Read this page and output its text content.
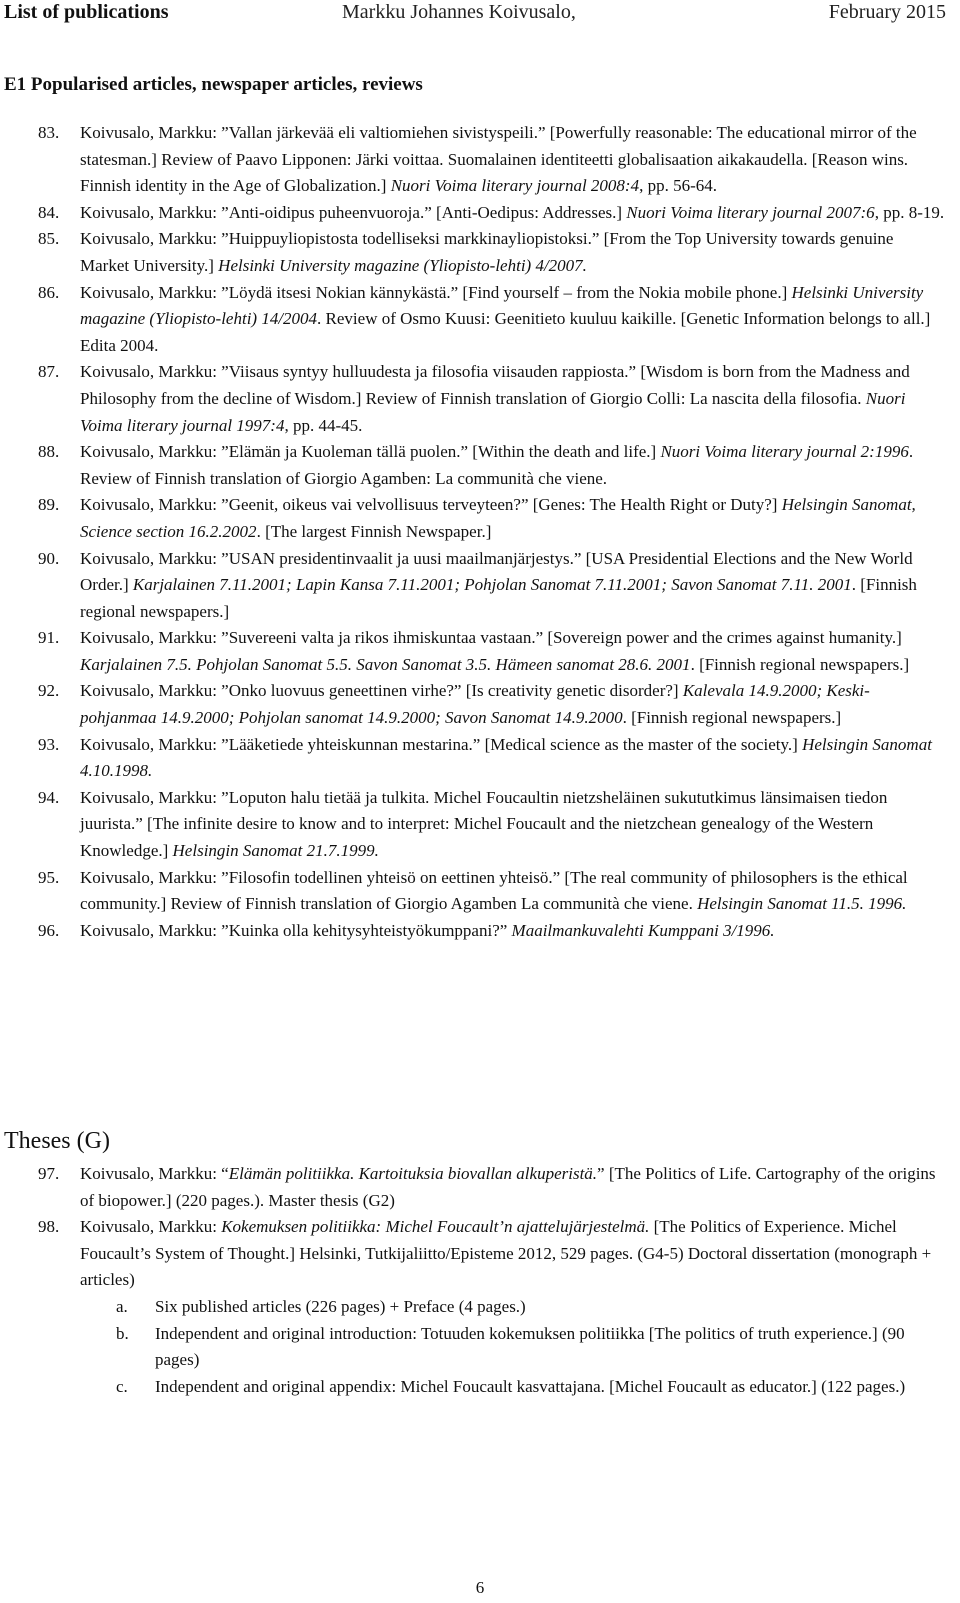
List of publications	Markku Johannes Koivusalo,	February 2015
E1 Popularised articles, newspaper articles, reviews
83. Koivusalo, Markku: ”Vallan järkevää eli valtiomiehen sivistyspeili.” [Powerfully reasonable: The educational mirror of the statesman.] Review of Paavo Lipponen: Järki voittaa. Suomalainen identiteetti globalisaation aikakaudella. [Reason wins. Finnish identity in the Age of Globalization.] Nuori Voima literary journal 2008:4, pp. 56-64.
84. Koivusalo, Markku: ”Anti-oidipus puheenvuoroja.” [Anti-Oedipus: Addresses.] Nuori Voima literary journal 2007:6, pp. 8-19.
85. Koivusalo, Markku: ”Huippuyliopistosta todelliseksi markkinayliopistoksi.” [From the Top University towards genuine Market University.] Helsinki University magazine (Yliopisto-lehti) 4/2007.
86. Koivusalo, Markku: ”Löydä itsesi Nokian kännykästä.” [Find yourself – from the Nokia mobile phone.] Helsinki University magazine (Yliopisto-lehti) 14/2004. Review of Osmo Kuusi: Geenitieto kuuluu kaikille. [Genetic Information belongs to all.] Edita 2004.
87. Koivusalo, Markku: ”Viisaus syntyy hulluudesta ja filosofia viisauden rappiosta.” [Wisdom is born from the Madness and Philosophy from the decline of Wisdom.] Review of Finnish translation of Giorgio Colli: La nascita della filosofia. Nuori Voima literary journal 1997:4, pp. 44-45.
88. Koivusalo, Markku: ”Elämän ja Kuoleman tällä puolen.” [Within the death and life.] Nuori Voima literary journal 2:1996. Review of Finnish translation of Giorgio Agamben: La communità che viene.
89. Koivusalo, Markku: ”Geenit, oikeus vai velvollisuus terveyteen?” [Genes: The Health Right or Duty?] Helsingin Sanomat, Science section 16.2.2002. [The largest Finnish Newspaper.]
90. Koivusalo, Markku: ”USAN presidentinvaalit ja uusi maailmanjärjestys.” [USA Presidential Elections and the New World Order.] Karjalainen 7.11.2001; Lapin Kansa 7.11.2001; Pohjolan Sanomat 7.11.2001; Savon Sanomat 7.11. 2001. [Finnish regional newspapers.]
91. Koivusalo, Markku: ”Suvereeni valta ja rikos ihmiskuntaa vastaan.” [Sovereign power and the crimes against humanity.] Karjalainen 7.5. Pohjolan Sanomat 5.5. Savon Sanomat 3.5. Hämeen sanomat 28.6. 2001. [Finnish regional newspapers.]
92. Koivusalo, Markku: ”Onko luovuus geneettinen virhe?” [Is creativity genetic disorder?] Kalevala 14.9.2000; Keski-pohjanmaa 14.9.2000; Pohjolan sanomat 14.9.2000; Savon Sanomat 14.9.2000. [Finnish regional newspapers.]
93. Koivusalo, Markku: ”Lääketiede yhteiskunnan mestarina.” [Medical science as the master of the society.] Helsingin Sanomat 4.10.1998.
94. Koivusalo, Markku: ”Loputon halu tietää ja tulkita. Michel Foucaultin nietzsheläinen sukututkimus länsimaisen tiedon juurista.” [The infinite desire to know and to interpret: Michel Foucault and the nietzchean genealogy of the Western Knowledge.] Helsingin Sanomat 21.7.1999.
95. Koivusalo, Markku: ”Filosofin todellinen yhteisö on eettinen yhteisö.” [The real community of philosophers is the ethical community.] Review of Finnish translation of Giorgio Agamben La communità che viene. Helsingin Sanomat 11.5. 1996.
96. Koivusalo, Markku: ”Kuinka olla kehitysyhteistyökumppani?” Maailmankuvalehti Kumppani 3/1996.
Theses (G)
97. Koivusalo, Markku: “Elämän politiikka. Kartoituksia biovallan alkuperistä.” [The Politics of Life. Cartography of the origins of biopower.] (220 pages.). Master thesis (G2)
98. Koivusalo, Markku: Kokemuksen politiikka: Michel Foucault’n ajattelujärjestelmä. [The Politics of Experience. Michel Foucault’s System of Thought.] Helsinki, Tutkijaliitto/Episteme 2012, 529 pages. (G4-5) Doctoral dissertation (monograph + articles)
a. Six published articles (226 pages) + Preface (4 pages.)
b. Independent and original introduction: Totuuden kokemuksen politiikka [The politics of truth experience.] (90 pages)
c. Independent and original appendix: Michel Foucault kasvattajana. [Michel Foucault as educator.] (122 pages.)
6
